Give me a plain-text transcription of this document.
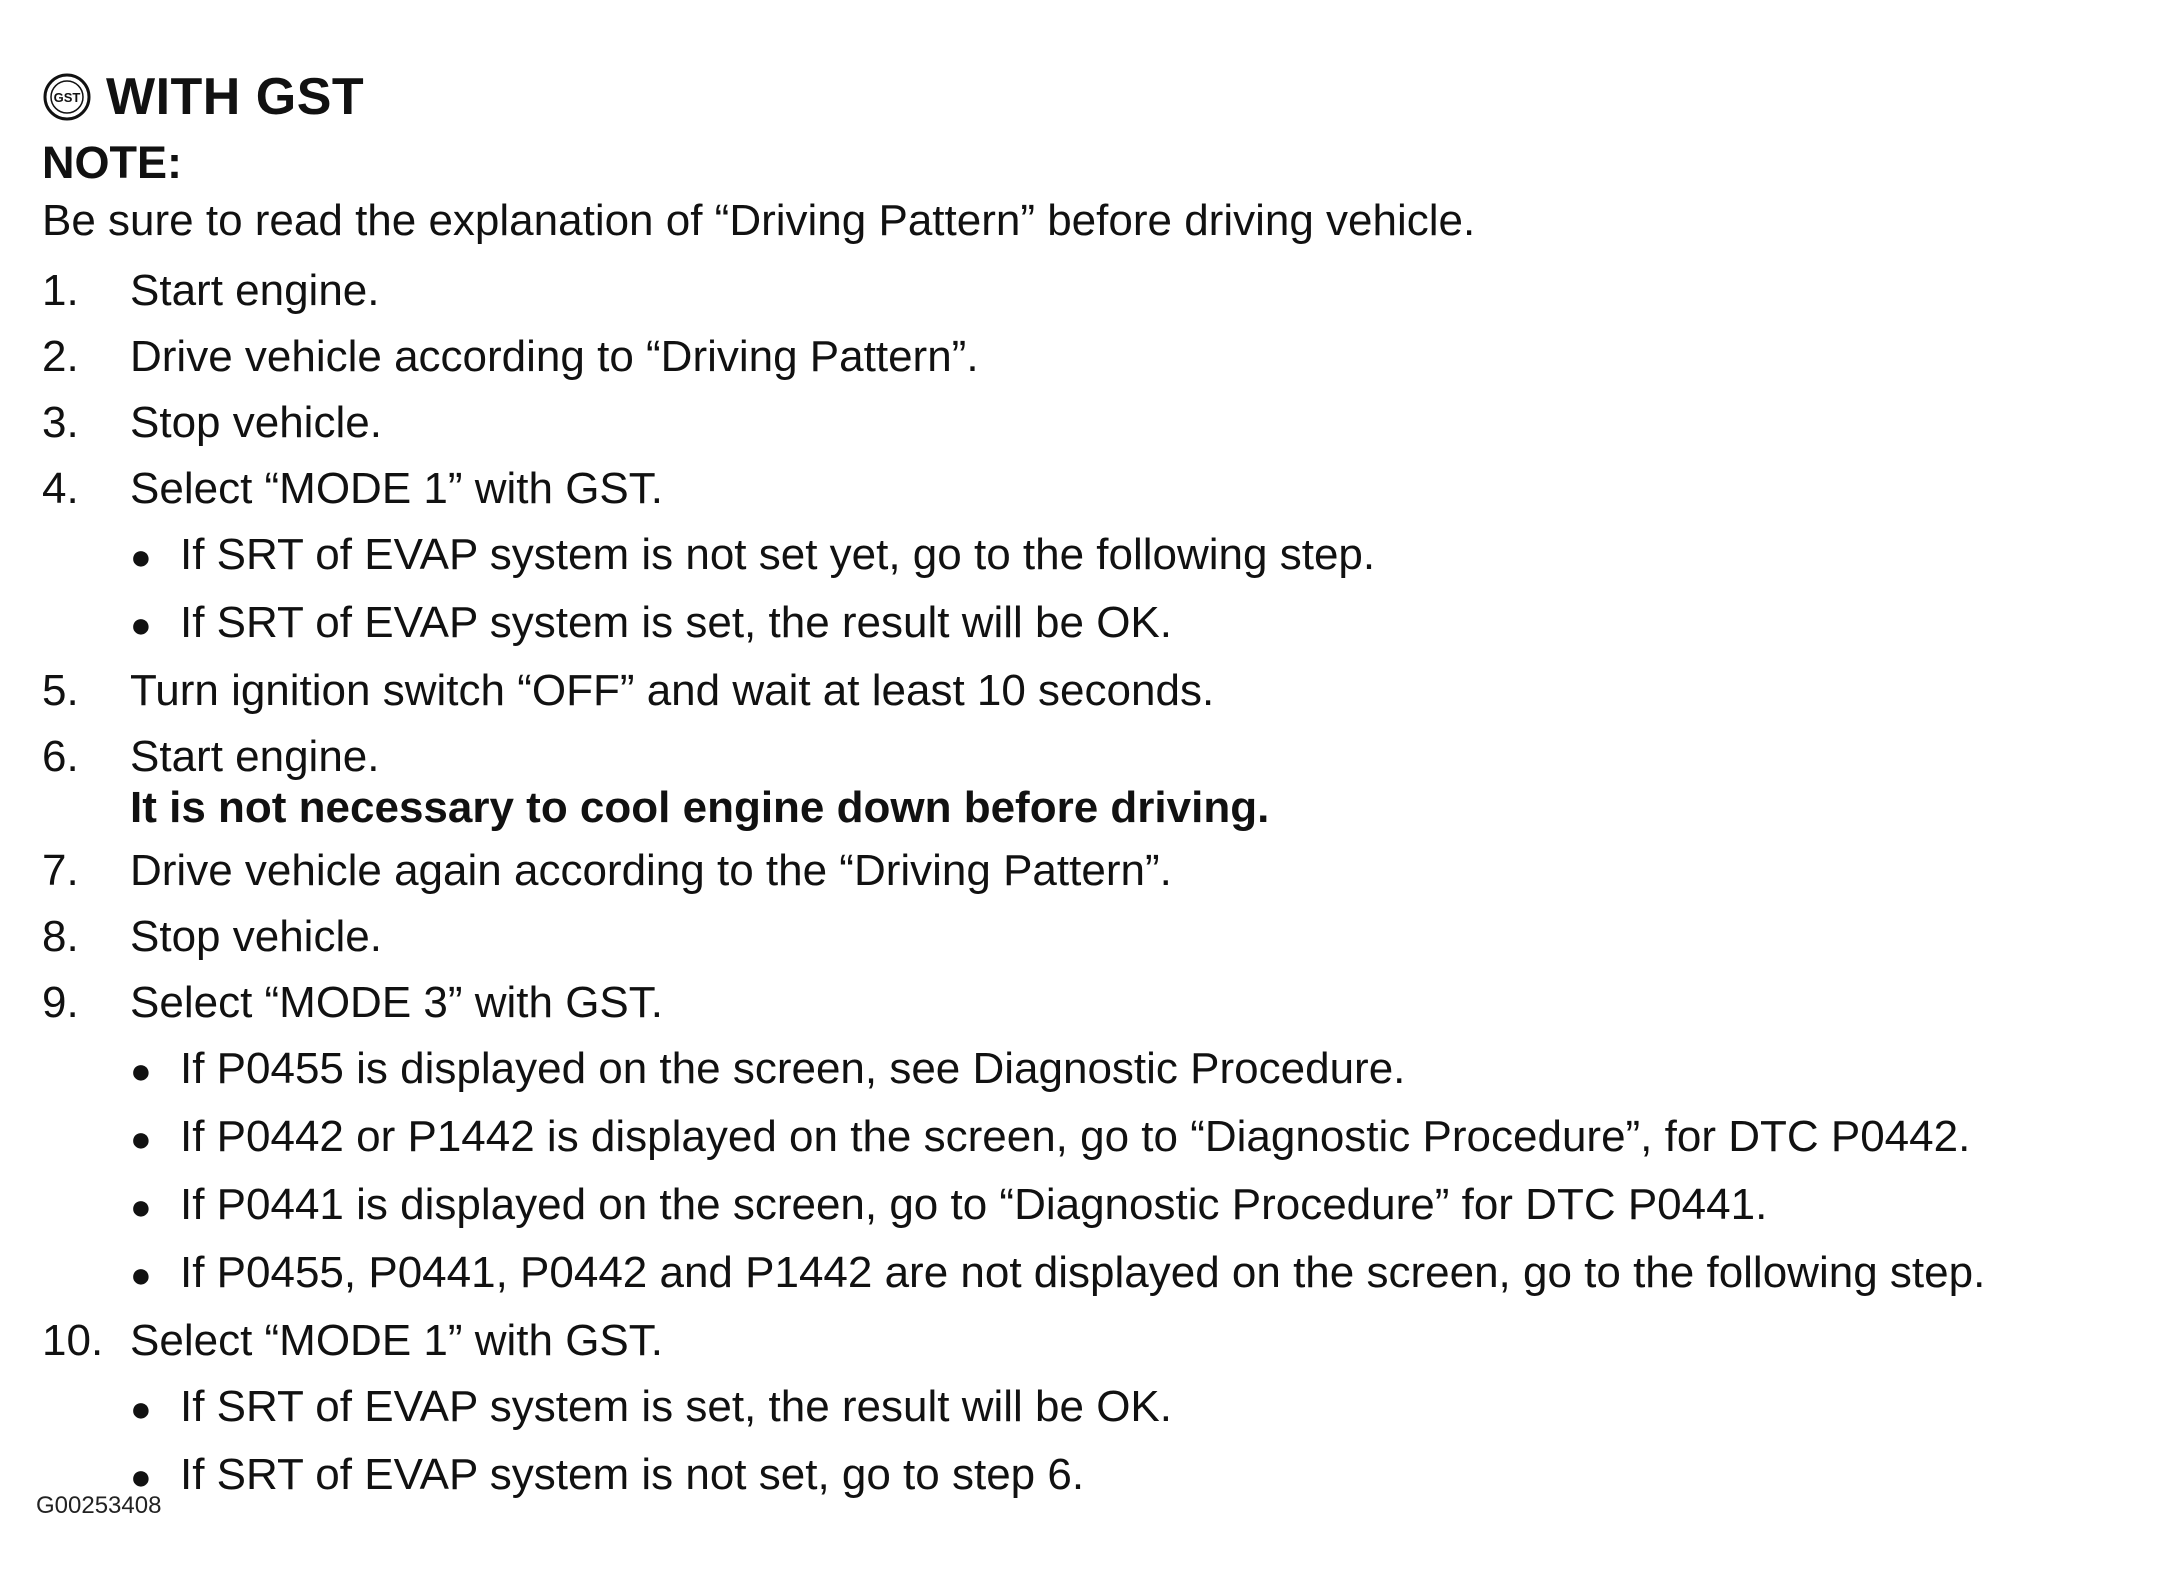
GST WITH GST
NOTE:
Be sure to read the explanation of “Driving Pattern” before driving vehicle.
1.	Start engine.
2.	Drive vehicle according to “Driving Pattern”.
3.	Stop vehicle.
4.	Select “MODE 1” with GST.
● If SRT of EVAP system is not set yet, go to the following step.
● If SRT of EVAP system is set, the result will be OK.
5.	Turn ignition switch “OFF” and wait at least 10 seconds.
6.	Start engine.
It is not necessary to cool engine down before driving.
7.	Drive vehicle again according to the “Driving Pattern”.
8.	Stop vehicle.
9.	Select “MODE 3” with GST.
● If P0455 is displayed on the screen, see Diagnostic Procedure.
● If P0442 or P1442 is displayed on the screen, go to “Diagnostic Procedure”, for DTC P0442.
● If P0441 is displayed on the screen, go to “Diagnostic Procedure” for DTC P0441.
● If P0455, P0441, P0442 and P1442 are not displayed on the screen, go to the following step.
10. Select “MODE 1” with GST.
● If SRT of EVAP system is set, the result will be OK.
● If SRT of EVAP system is not set, go to step 6.
G00253408
